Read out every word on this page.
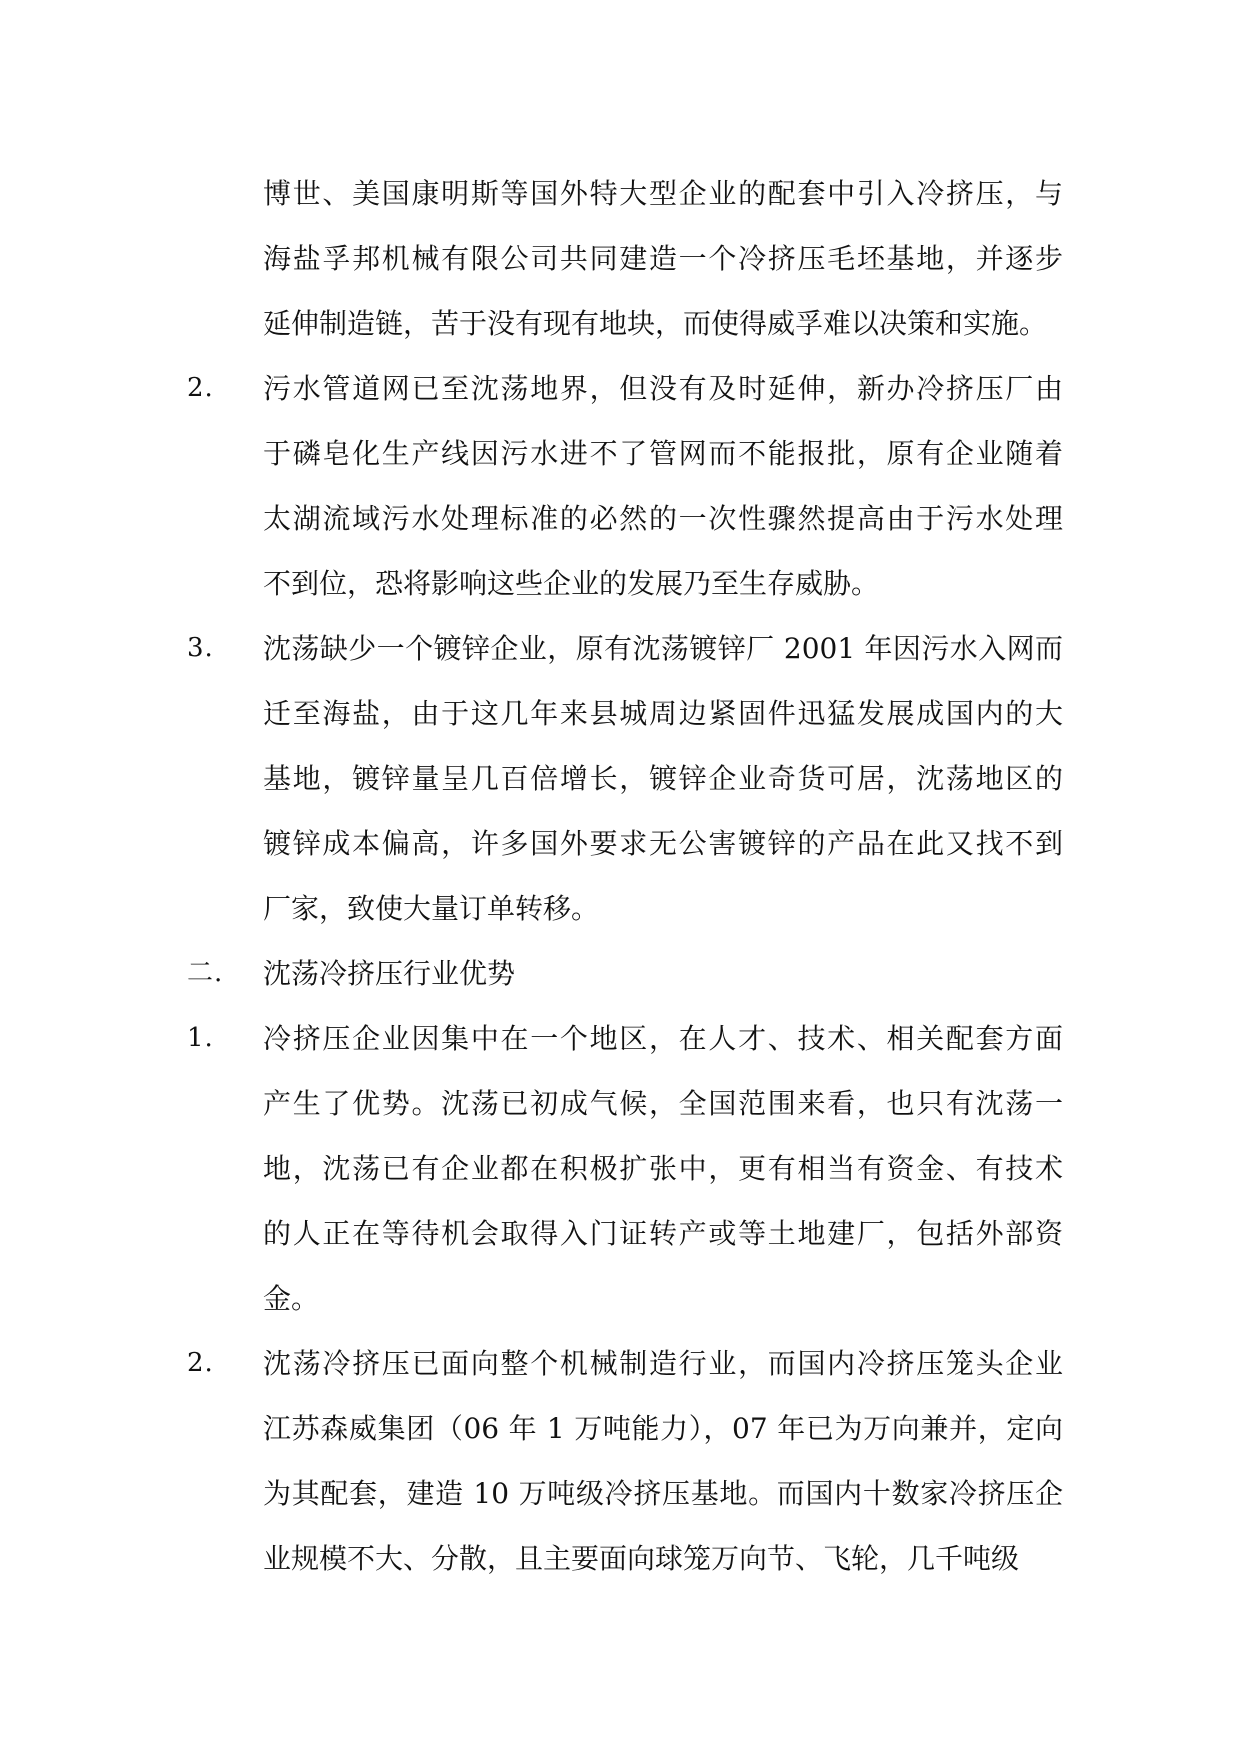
博世、美国康明斯等国外特大型企业的配套中引入冷挤压，与
海盐孚邦机械有限公司共同建造一个冷挤压毛坯基地，并逐步
延伸制造链，苦于没有现有地块，而使得威孚难以决策和实施。
2. 污水管道网已至沈荡地界，但没有及时延伸，新办冷挤压厂由
于磷皂化生产线因污水进不了管网而不能报批，原有企业随着
太湖流域污水处理标准的必然的一次性骤然提高由于污水处理
不到位，恐将影响这些企业的发展乃至生存威胁。
3. 沈荡缺少一个镀锌企业，原有沈荡镀锌厂 2001 年因污水入网而
迁至海盐，由于这几年来县城周边紧固件迅猛发展成国内的大
基地，镀锌量呈几百倍增长，镀锌企业奇货可居，沈荡地区的
镀锌成本偏高，许多国外要求无公害镀锌的产品在此又找不到
厂家，致使大量订单转移。
二. 沈荡冷挤压行业优势
1. 冷挤压企业因集中在一个地区，在人才、技术、相关配套方面
产生了优势。沈荡已初成气候，全国范围来看，也只有沈荡一
地，沈荡已有企业都在积极扩张中，更有相当有资金、有技术
的人正在等待机会取得入门证转产或等土地建厂，包括外部资
金。
2. 沈荡冷挤压已面向整个机械制造行业，而国内冷挤压笼头企业
江苏森威集团（06 年 1 万吨能力），07 年已为万向兼并，定向
为其配套，建造 10 万吨级冷挤压基地。而国内十数家冷挤压企
业规模不大、分散，且主要面向球笼万向节、飞轮，几千吨级
